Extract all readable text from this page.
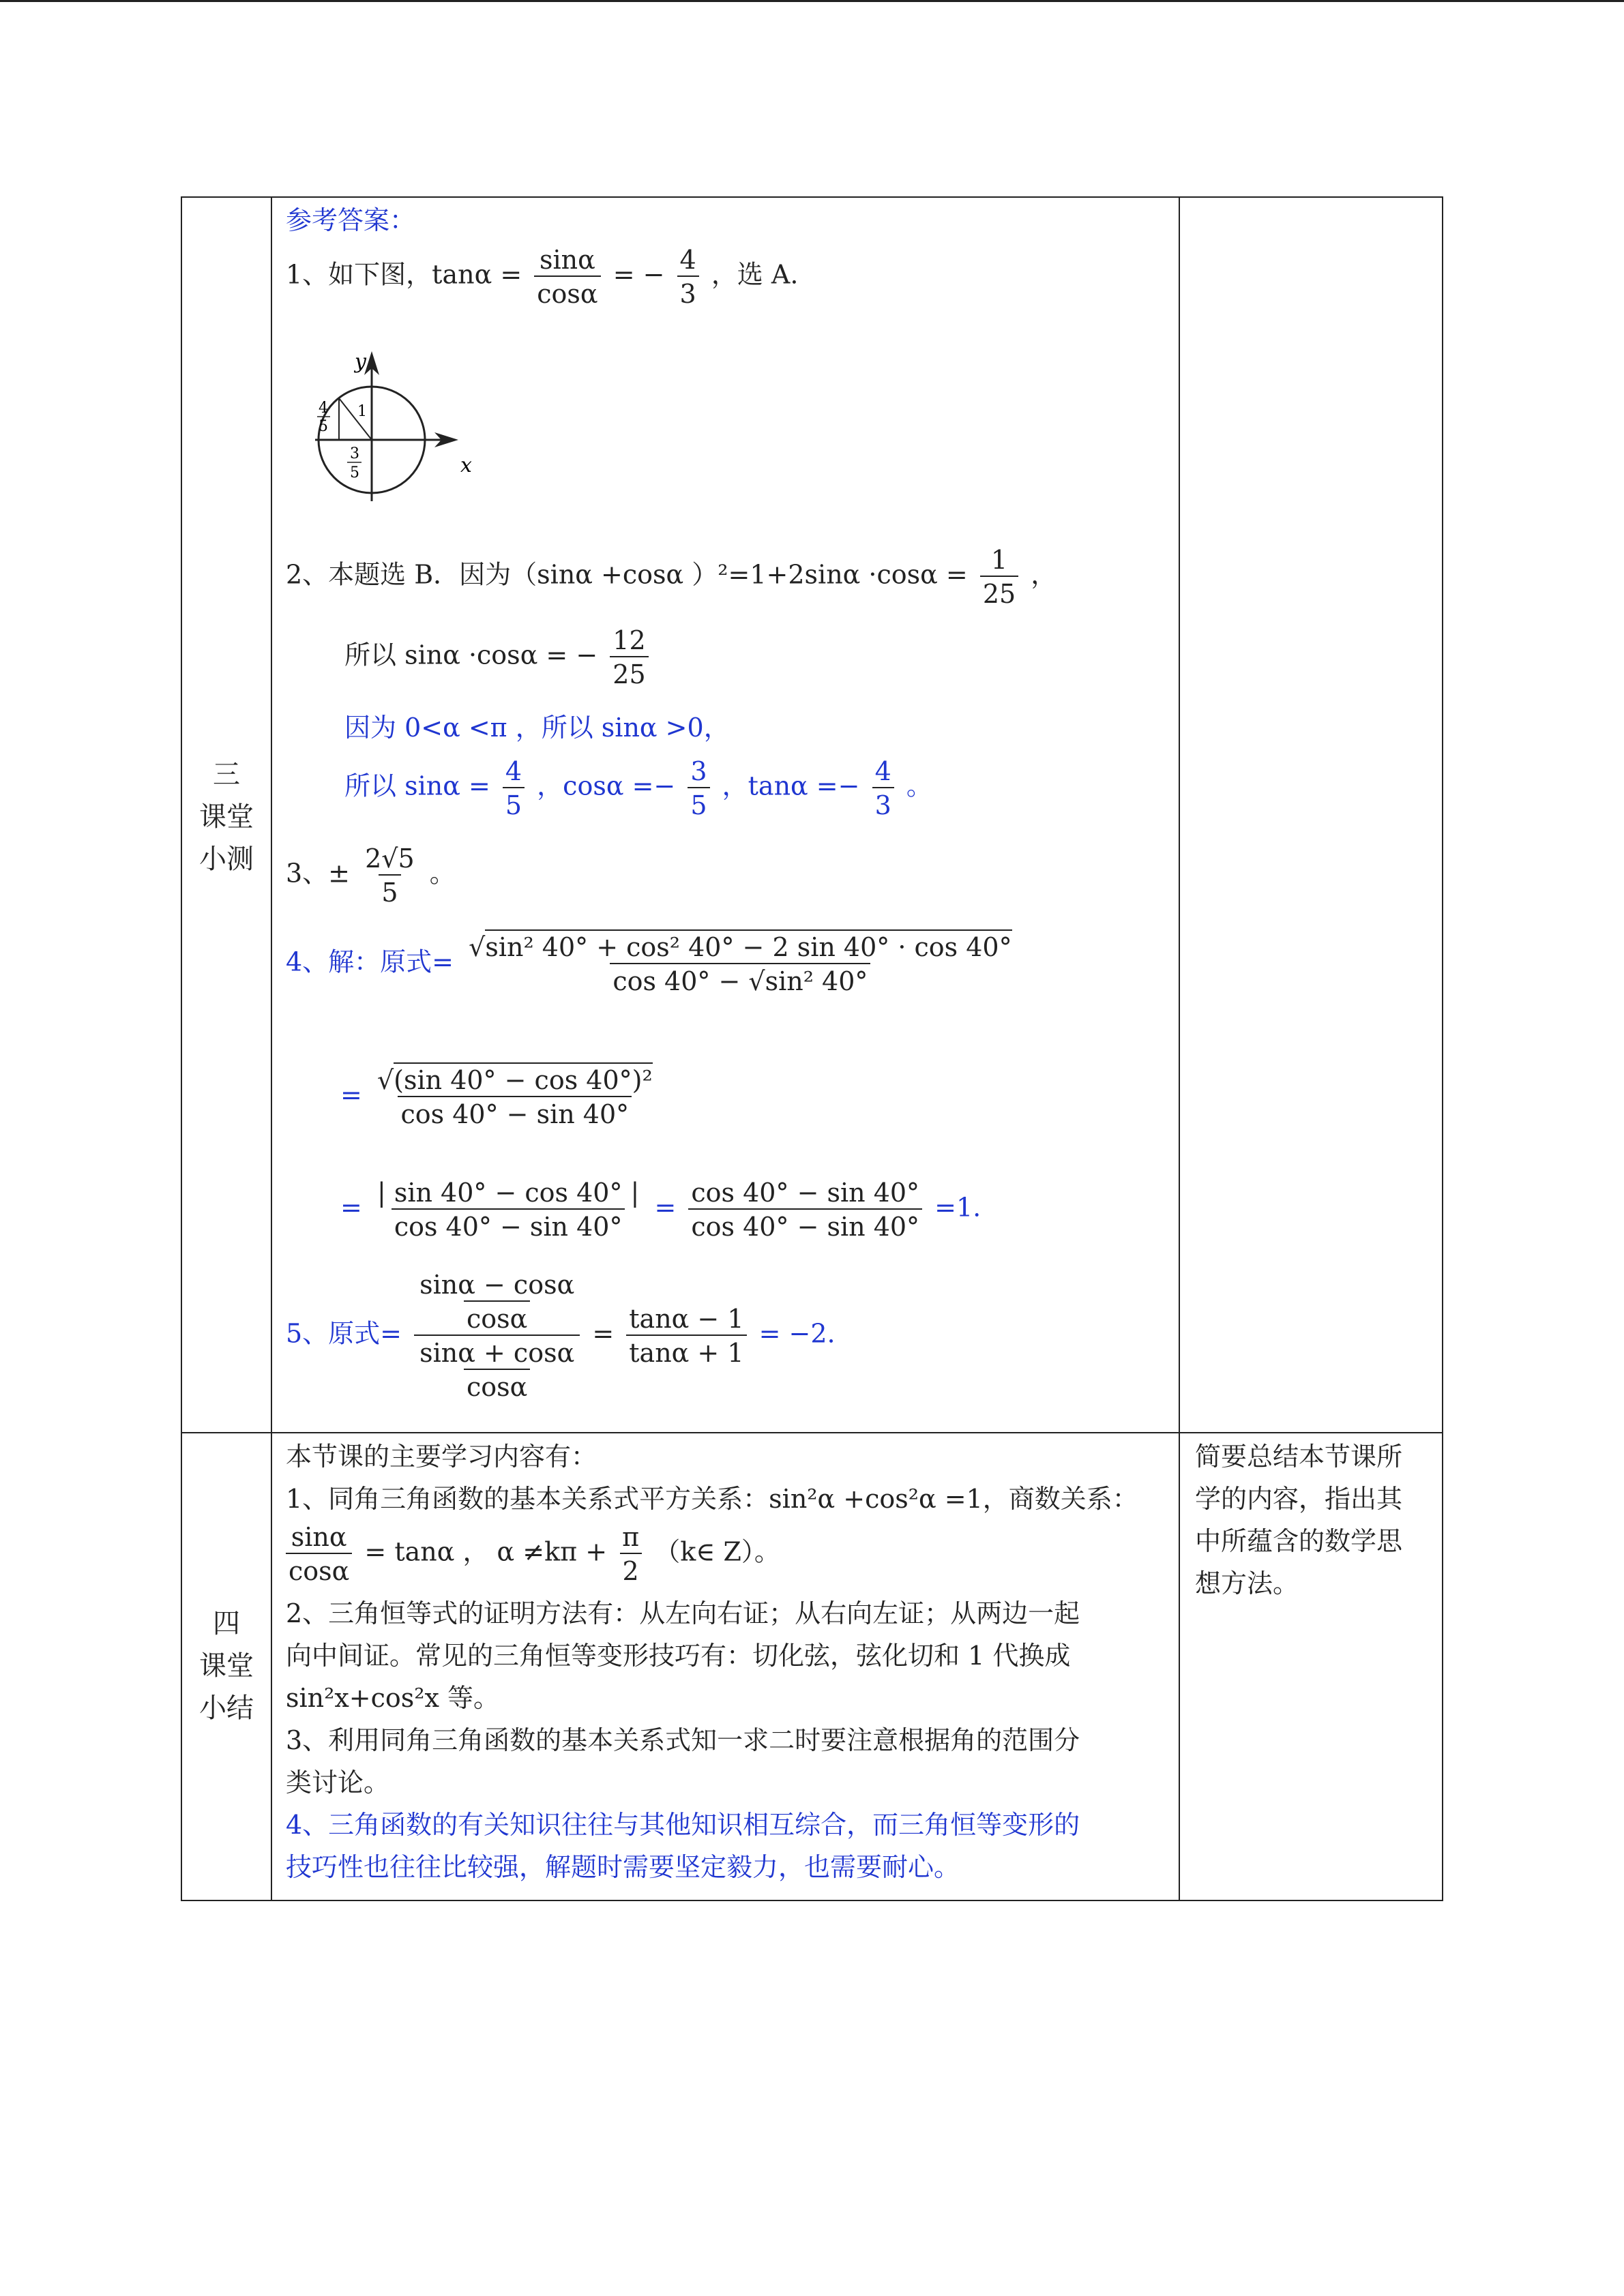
三
课堂
小测
四
课堂
小结
参考答案：
1、如下图，$\tan\alpha = \frac{\sin\alpha}{\cos\alpha}$ = − $\frac{4}{3}$ ，选 A.
y
x
4
5
1
3
5
2、本题选 B．因为（sinα +cosα ）$^2=1+2\sin\alpha \cdot\cos\alpha = \frac{1}{25}$ ，
所以 sinα ·cosα = − $\frac{12}{25}$
因为 0<α <π ，所以 sinα >0，
所以 $\sin\alpha = \frac{4}{5}$ ，$\cos\alpha =- \frac{3}{5}$ ，$\tan\alpha =- \frac{4}{3}$ 。
3、± $\frac{2√5}{5}$ 。
4、解：原式= $\frac{\text{√sin² 40° + cos² 40° − 2 sin 40° · cos 40°}}{\text{cos 40° − √sin² 40°}}$
= $\frac{\text{√(sin 40° − cos 40°)²}}{\cos 40^\circ - \sin 40^\circ}$
= $\frac{| \sin 40^\circ - \cos 40^\circ |}{\cos 40^\circ - \sin 40^\circ} = \frac{\cos 40^\circ - \sin 40^\circ}{\cos 40^\circ - \sin 40^\circ} =1$.
5、原式= $\frac{\frac{\sin\alpha - \cos\alpha}{\cos\alpha}}{\frac{\sin\alpha + \cos\alpha}{\cos\alpha}} = \frac{\tan\alpha - 1}{\tan\alpha + 1} = -2$.
本节课的主要学习内容有：
1、同角三角函数的基本关系式平方关系：sin²α +cos²α =1，商数关系：
$\frac{\sin\alpha}{\cos\alpha} = \tan\alpha$ ， $\alpha \ne k\pi + \frac{\pi}{2}$ （k∈ Z）。
2、三角恒等式的证明方法有：从左向右证；从右向左证；从两边一起
向中间证。常见的三角恒等变形技巧有：切化弦，弦化切和 1 代换成
sin²x+cos²x 等。
3、利用同角三角函数的基本关系式知一求二时要注意根据角的范围分
类讨论。
4、三角函数的有关知识往往与其他知识相互综合，而三角恒等变形的
技巧性也往往比较强，解题时需要坚定毅力，也需要耐心。
简要总结本节课所
学的内容，指出其
中所蕴含的数学思
想方法。
